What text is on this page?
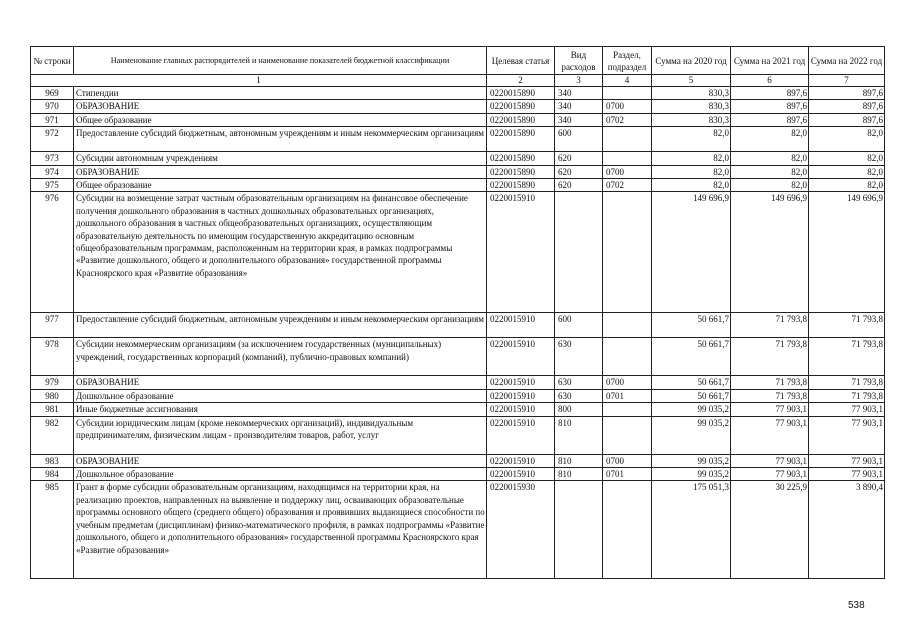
№ строки	Наименование главных распорядителей и наименование показателей бюджетной классификации	Целевая статья	Вид расходов	Раздел, подраздел	Сумма на 2020 год	Сумма на 2021 год	Сумма на 2022 год
1		2	3	4	5	6	7
969	Стипендии	0220015890	340		830,3	897,6	897,6
970	ОБРАЗОВАНИЕ	0220015890	340	0700	830,3	897,6	897,6
971	Общее образование	0220015890	340	0702	830,3	897,6	897,6
972	Предоставление субсидий бюджетным, автономным учреждениям и иным некоммерческим организациям	0220015890	600		82,0	82,0	82,0
973	Субсидии автономным учреждениям	0220015890	620		82,0	82,0	82,0
974	ОБРАЗОВАНИЕ	0220015890	620	0700	82,0	82,0	82,0
975	Общее образование	0220015890	620	0702	82,0	82,0	82,0
976	Субсидии на возмещение затрат частным образовательным организациям на финансовое обеспечение получения дошкольного образования в частных дошкольных образовательных организациях, дошкольного образования в частных общеобразовательных организациях, осуществляющим образовательную деятельность по имеющим государственную аккредитацию основным общеобразовательным программам, расположенным на территории края, в рамках подпрограммы «Развитие дошкольного, общего и дополнительного образования» государственной программы Красноярского края «Развитие образования»	0220015910			149 696,9	149 696,9	149 696,9
977	Предоставление субсидий бюджетным, автономным учреждениям и иным некоммерческим организациям	0220015910	600		50 661,7	71 793,8	71 793,8
978	Субсидии некоммерческим организациям (за исключением государственных (муниципальных) учреждений, государственных корпораций (компаний), публично-правовых компаний)	0220015910	630		50 661,7	71 793,8	71 793,8
979	ОБРАЗОВАНИЕ	0220015910	630	0700	50 661,7	71 793,8	71 793,8
980	Дошкольное образование	0220015910	630	0701	50 661,7	71 793,8	71 793,8
981	Иные бюджетные ассигнования	0220015910	800		99 035,2	77 903,1	77 903,1
982	Субсидии юридическим лицам (кроме некоммерческих организаций), индивидуальным предпринимателям, физическим лицам - производителям товаров, работ, услуг	0220015910	810		99 035,2	77 903,1	77 903,1
983	ОБРАЗОВАНИЕ	0220015910	810	0700	99 035,2	77 903,1	77 903,1
984	Дошкольное образование	0220015910	810	0701	99 035,2	77 903,1	77 903,1
985	Грант в форме субсидии образовательным организациям, находящимся на территории края, на реализацию проектов, направленных на выявление и поддержку лиц, осваивающих образовательные программы основного общего (среднего общего) образования и проявивших выдающиеся способности по учебным предметам (дисциплинам) физико-математического профиля, в рамках подпрограммы «Развитие дошкольного, общего и дополнительного образования» государственной программы Красноярского края «Развитие образования»	0220015930			175 051,3	30 225,9	3 890,4
538
